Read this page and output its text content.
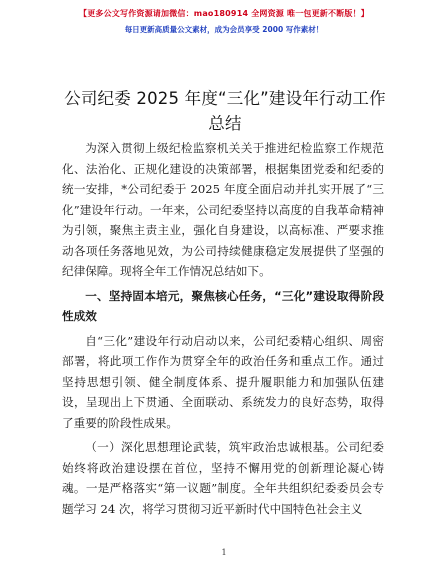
【更多公文写作资源请加微信：mao180914 全网资源 唯一包更新不断版！】
每日更新高质量公文素材，成为会员享受 2000 写作素材！
公司纪委 2025 年度“三化”建设年行动工作总结

为深入贯彻上级纪检监察机关关于推进纪检监察工作规范化、法治化、正规化建设的决策部署，根据集团党委和纪委的统一安排，*公司纪委于 2025 年度全面启动并扎实开展了“三化”建设年行动。一年来，公司纪委坚持以高度的自我革命精神为引领，聚焦主责主业，强化自身建设，以高标准、严要求推动各项任务落地见效，为公司持续健康稳定发展提供了坚强的纪律保障。现将全年工作情况总结如下。

一、坚持固本培元，聚焦核心任务，“三化”建设取得阶段性成效

自“三化”建设年行动启动以来，公司纪委精心组织、周密部署，将此项工作作为贯穿全年的政治任务和重点工作。通过坚持思想引领、健全制度体系、提升履职能力和加强队伍建设，呈现出上下贯通、全面联动、系统发力的良好态势，取得了重要的阶段性成果。

（一）深化思想理论武装，筑牢政治忠诚根基。公司纪委始终将政治建设摆在首位，坚持不懈用党的创新理论凝心铸魂。一是严格落实“第一议题”制度。全年共组织纪委委员会专题学习 24 次，将学习贯彻习近平新时代中国特色社会主义

1
